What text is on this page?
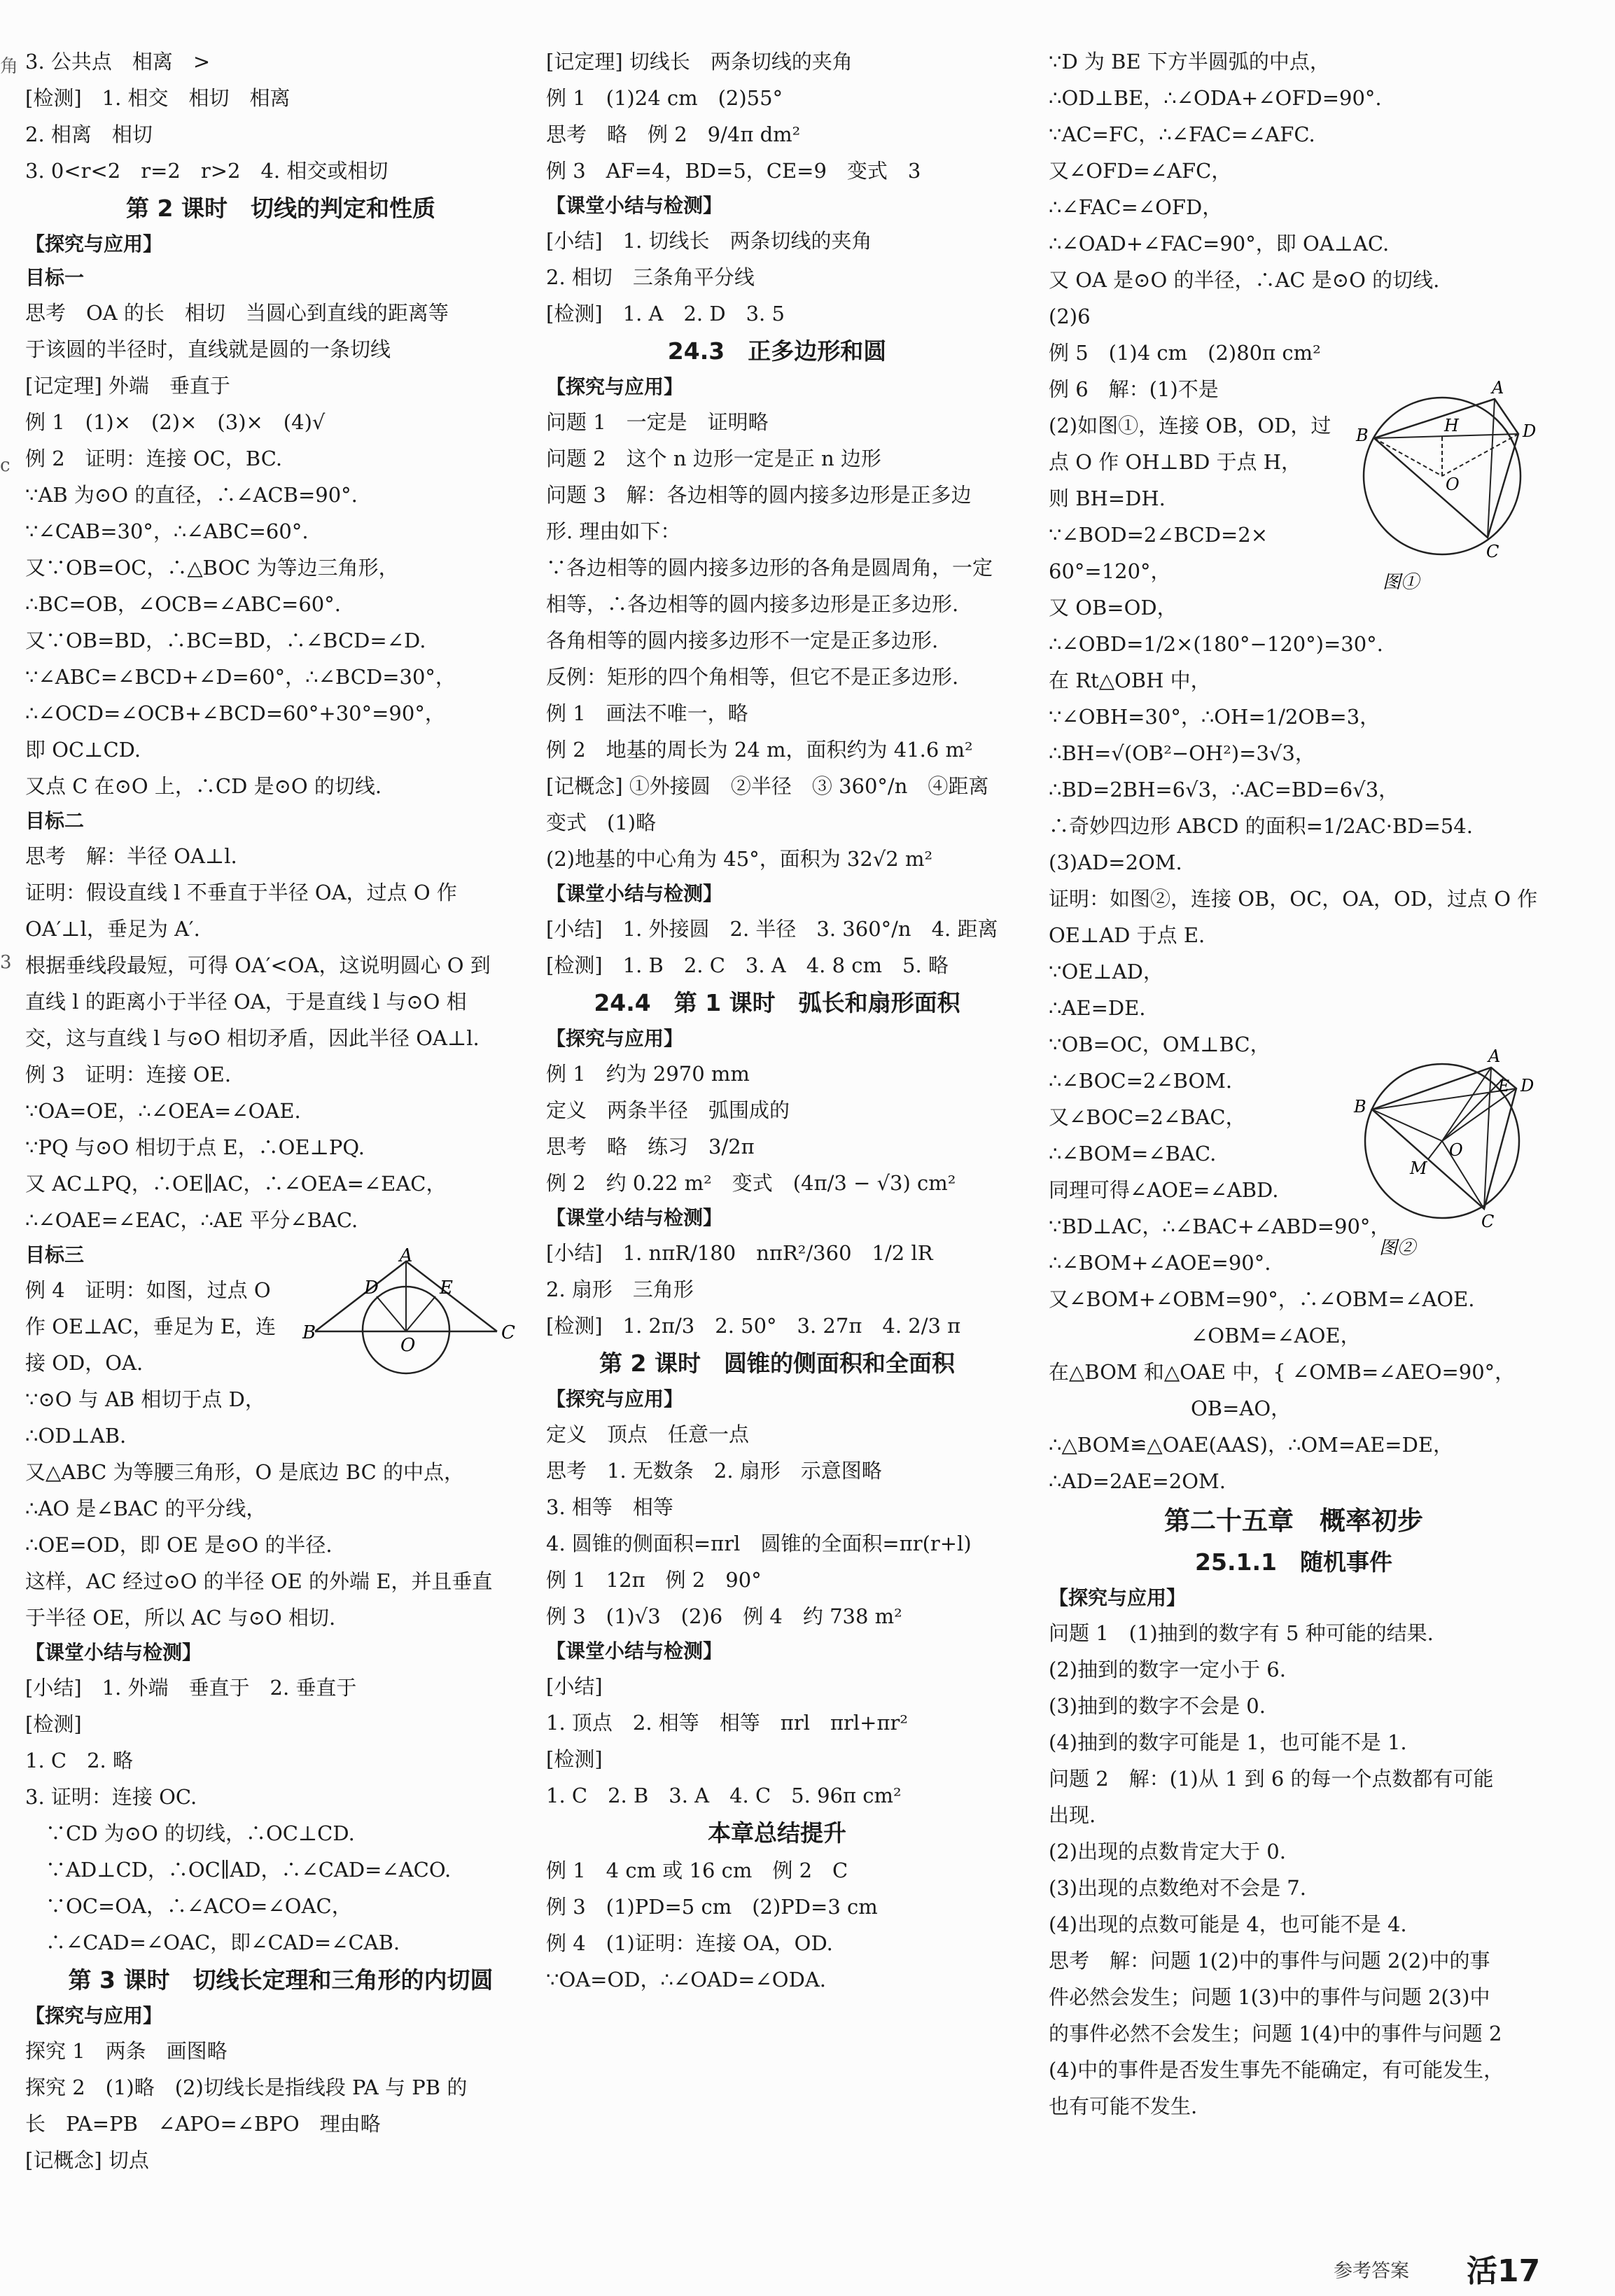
3. 公共点　相离　>
[检测]　1. 相交　相切　相离
2. 相离　相切
3. 0<r<2　r=2　r>2　4. 相交或相切
第 2 课时　切线的判定和性质
【探究与应用】
目标一
思考　OA 的长　相切　当圆心到直线的距离等
于该圆的半径时，直线就是圆的一条切线
[记定理] 外端　垂直于
例 1　(1)×　(2)×　(3)×　(4)√
例 2　证明：连接 OC，BC.
∵AB 为⊙O 的直径，∴∠ACB=90°.
∵∠CAB=30°，∴∠ABC=60°.
又∵OB=OC，∴△BOC 为等边三角形，
∴BC=OB，∠OCB=∠ABC=60°.
又∵OB=BD，∴BC=BD，∴∠BCD=∠D.
∵∠ABC=∠BCD+∠D=60°，∴∠BCD=30°，
∴∠OCD=∠OCB+∠BCD=60°+30°=90°，
即 OC⊥CD.
又点 C 在⊙O 上，∴CD 是⊙O 的切线.
目标二
思考　解：半径 OA⊥l.
证明：假设直线 l 不垂直于半径 OA，过点 O 作
OA′⊥l，垂足为 A′.
根据垂线段最短，可得 OA′<OA，这说明圆心 O 到
直线 l 的距离小于半径 OA，于是直线 l 与⊙O 相
交，这与直线 l 与⊙O 相切矛盾，因此半径 OA⊥l.
例 3　证明：连接 OE.
∵OA=OE，∴∠OEA=∠OAE.
∵PQ 与⊙O 相切于点 E，∴OE⊥PQ.
又 AC⊥PQ，∴OE∥AC，∴∠OEA=∠EAC，
∴∠OAE=∠EAC，∴AE 平分∠BAC.
目标三
例 4　证明：如图，过点 O
作 OE⊥AC，垂足为 E，连
接 OD，OA.
∵⊙O 与 AB 相切于点 D，
∴OD⊥AB.
又△ABC 为等腰三角形，O 是底边 BC 的中点，
∴AO 是∠BAC 的平分线，
∴OE=OD，即 OE 是⊙O 的半径.
这样，AC 经过⊙O 的半径 OE 的外端 E，并且垂直
于半径 OE，所以 AC 与⊙O 相切.
【课堂小结与检测】
[小结]　1. 外端　垂直于　2. 垂直于
[检测]
1. C　2. 略
3. 证明：连接 OC.
　∵CD 为⊙O 的切线，∴OC⊥CD.
　∵AD⊥CD，∴OC∥AD，∴∠CAD=∠ACO.
　∵OC=OA，∴∠ACO=∠OAC，
　∴∠CAD=∠OAC，即∠CAD=∠CAB.
第 3 课时　切线长定理和三角形的内切圆
【探究与应用】
探究 1　两条　画图略
探究 2　(1)略　(2)切线长是指线段 PA 与 PB 的
长　PA=PB　∠APO=∠BPO　理由略
[记概念] 切点
[记定理] 切线长　两条切线的夹角
例 1　(1)24 cm　(2)55°
思考　略　例 2　9/4π dm²
例 3　AF=4，BD=5，CE=9　变式　3
【课堂小结与检测】
[小结]　1. 切线长　两条切线的夹角
2. 相切　三条角平分线
[检测]　1. A　2. D　3. 5
24.3　正多边形和圆
【探究与应用】
问题 1　一定是　证明略
问题 2　这个 n 边形一定是正 n 边形
问题 3　解：各边相等的圆内接多边形是正多边
形. 理由如下：
∵各边相等的圆内接多边形的各角是圆周角，一定
相等，∴各边相等的圆内接多边形是正多边形.
各角相等的圆内接多边形不一定是正多边形.
反例：矩形的四个角相等，但它不是正多边形.
例 1　画法不唯一，略
例 2　地基的周长为 24 m，面积约为 41.6 m²
[记概念] ①外接圆　②半径　③ 360°/n　④距离
变式　(1)略
(2)地基的中心角为 45°，面积为 32√2 m²
【课堂小结与检测】
[小结]　1. 外接圆　2. 半径　3. 360°/n　4. 距离
[检测]　1. B　2. C　3. A　4. 8 cm　5. 略
24.4　第 1 课时　弧长和扇形面积
【探究与应用】
例 1　约为 2970 mm
定义　两条半径　弧围成的
思考　略　练习　3/2π
例 2　约 0.22 m²　变式　(4π/3 − √3) cm²
【课堂小结与检测】
[小结]　1. nπR/180　nπR²/360　1/2 lR
2. 扇形　三角形
[检测]　1. 2π/3　2. 50°　3. 27π　4. 2/3 π
第 2 课时　圆锥的侧面积和全面积
【探究与应用】
定义　顶点　任意一点
思考　1. 无数条　2. 扇形　示意图略
3. 相等　相等
4. 圆锥的侧面积=πrl　圆锥的全面积=πr(r+l)
例 1　12π　例 2　90°
例 3　(1)√3　(2)6　例 4　约 738 m²
【课堂小结与检测】
[小结]
1. 顶点　2. 相等　相等　πrl　πrl+πr²
[检测]
1. C　2. B　3. A　4. C　5. 96π cm²
本章总结提升
例 1　4 cm 或 16 cm　例 2　C
例 3　(1)PD=5 cm　(2)PD=3 cm
例 4　(1)证明：连接 OA，OD.
∵OA=OD，∴∠OAD=∠ODA.
∵D 为 BE 下方半圆弧的中点，
∴OD⊥BE，∴∠ODA+∠OFD=90°.
∵AC=FC，∴∠FAC=∠AFC.
又∠OFD=∠AFC，
∴∠FAC=∠OFD，
∴∠OAD+∠FAC=90°，即 OA⊥AC.
又 OA 是⊙O 的半径，∴AC 是⊙O 的切线.
(2)6
例 5　(1)4 cm　(2)80π cm²
例 6　解：(1)不是
(2)如图①，连接 OB，OD，过
点 O 作 OH⊥BD 于点 H，
则 BH=DH.
∵∠BOD=2∠BCD=2×
60°=120°，
又 OB=OD，
∴∠OBD=1/2×(180°−120°)=30°.
在 Rt△OBH 中，
∵∠OBH=30°，∴OH=1/2OB=3，
∴BH=√(OB²−OH²)=3√3，
∴BD=2BH=6√3，∴AC=BD=6√3，
∴奇妙四边形 ABCD 的面积=1/2AC·BD=54.
(3)AD=2OM.
证明：如图②，连接 OB，OC，OA，OD，过点 O 作
OE⊥AD 于点 E.
∵OE⊥AD，
∴AE=DE.
∵OB=OC，OM⊥BC，
∴∠BOC=2∠BOM.
又∠BOC=2∠BAC，
∴∠BOM=∠BAC.
同理可得∠AOE=∠ABD.
∵BD⊥AC，∴∠BAC+∠ABD=90°，
∴∠BOM+∠AOE=90°.
又∠BOM+∠OBM=90°，∴∠OBM=∠AOE.
　　　　　　　∠OBM=∠AOE，
在△BOM 和△OAE 中，{ ∠OMB=∠AEO=90°，
　　　　　　　OB=AO，
∴△BOM≌△OAE(AAS)，∴OM=AE=DE，
∴AD=2AE=2OM.
第二十五章　概率初步
25.1.1　随机事件
【探究与应用】
问题 1　(1)抽到的数字有 5 种可能的结果.
(2)抽到的数字一定小于 6.
(3)抽到的数字不会是 0.
(4)抽到的数字可能是 1，也可能不是 1.
问题 2　解：(1)从 1 到 6 的每一个点数都有可能
出现.
(2)出现的点数肯定大于 0.
(3)出现的点数绝对不会是 7.
(4)出现的点数可能是 4，也可能不是 4.
思考　解：问题 1(2)中的事件与问题 2(2)中的事
件必然会发生；问题 1(3)中的事件与问题 2(3)中
的事件必然不会发生；问题 1(4)中的事件与问题 2
(4)中的事件是否发生事先不能确定，有可能发生，
也有可能不发生.
A
D	E
B
O
C
A
B	D
H
O
C
图①
A
E D
B
M
O
C
图②
角
c
3
参考答案 活17
